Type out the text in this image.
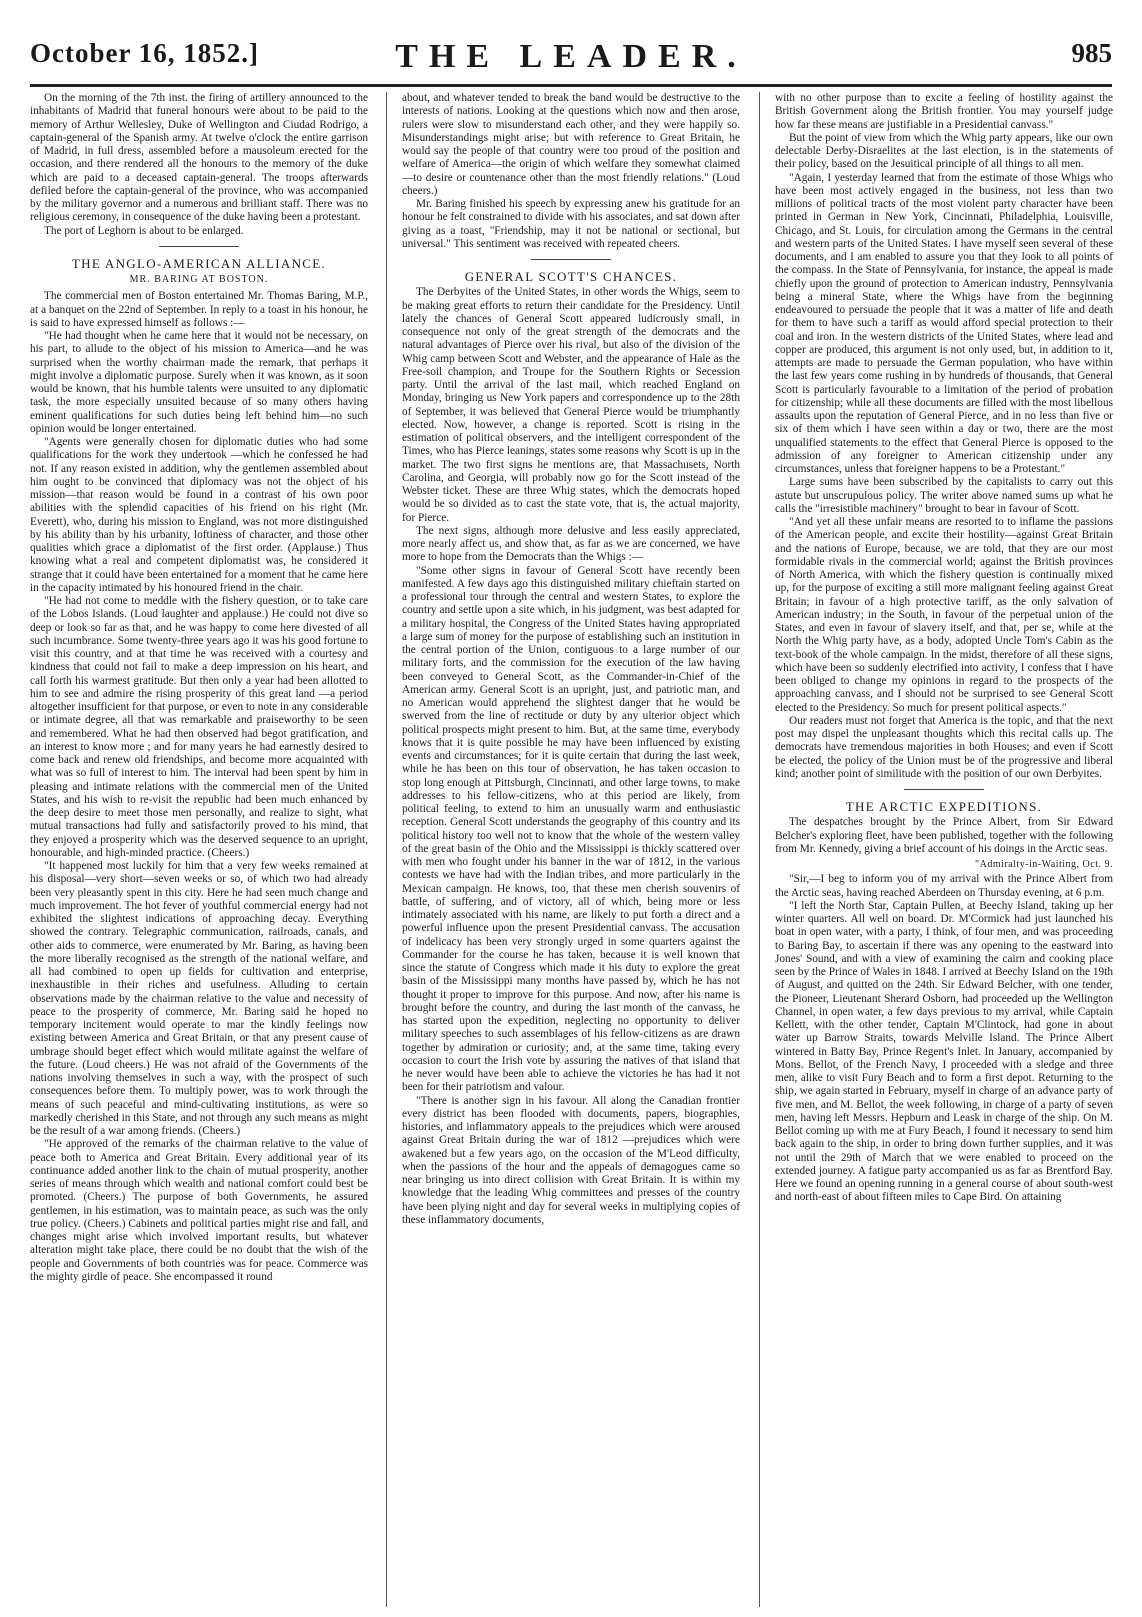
October 16, 1852.]	THE LEADER.	985

On the morning of the 7th inst. the firing of artillery announced to the inhabitants of Madrid that funeral honours were about to be paid to the memory of Arthur Wellesley, Duke of Wellington and Ciudad Rodrigo, a captain-general of the Spanish army. At twelve o'clock the entire garrison of Madrid, in full dress, assembled before a mausoleum erected for the occasion, and there rendered all the honours to the memory of the duke which are paid to a deceased captain-general. The troops afterwards defiled before the captain-general of the province, who was accompanied by the military governor and a numerous and brilliant staff. There was no religious ceremony, in consequence of the duke having been a protestant.

The port of Leghorn is about to be enlarged.

THE ANGLO-AMERICAN ALLIANCE.
MR. BARING AT BOSTON.

The commercial men of Boston entertained Mr. Thomas Baring, M.P., at a banquet on the 22nd of September. In reply to a toast in his honour, he is said to have expressed himself as follows :—

"He had thought when he came here that it would not be necessary, on his part, to allude to the object of his mission to America—and he was surprised when the worthy chairman made the remark, that perhaps it might involve a diplomatic purpose. Surely when it was known, as it soon would be known, that his humble talents were unsuited to any diplomatic task, the more especially unsuited because of so many others having eminent qualifications for such duties being left behind him—no such opinion would be longer entertained.

"Agents were generally chosen for diplomatic duties who had some qualifications for the work they undertook —which he confessed he had not. If any reason existed in addition, why the gentlemen assembled about him ought to be convinced that diplomacy was not the object of his mission—that reason would be found in a contrast of his own poor abilities with the splendid capacities of his friend on his right (Mr. Everett), who, during his mission to England, was not more distinguished by his ability than by his urbanity, loftiness of character, and those other qualities which grace a diplomatist of the first order. (Applause.) Thus knowing what a real and competent diplomatist was, he considered it strange that it could have been entertained for a moment that he came here in the capacity intimated by his honoured friend in the chair.

"He had not come to meddle with the fishery question, or to take care of the Lobos Islands. (Loud laughter and applause.) He could not dive so deep or look so far as that, and he was happy to come here divested of all such incumbrance. Some twenty-three years ago it was his good fortune to visit this country, and at that time he was received with a courtesy and kindness that could not fail to make a deep impression on his heart, and call forth his warmest gratitude. But then only a year had been allotted to him to see and admire the rising prosperity of this great land —a period altogether insufficient for that purpose, or even to note in any considerable or intimate degree, all that was remarkable and praiseworthy to be seen and remembered. What he had then observed had begot gratification, and an interest to know more ; and for many years he had earnestly desired to come back and renew old friendships, and become more acquainted with what was so full of interest to him. The interval had been spent by him in pleasing and intimate relations with the commercial men of the United States, and his wish to re-visit the republic had been much enhanced by the deep desire to meet those men personally, and realize to sight, what mutual transactions had fully and satisfactorily proved to his mind, that they enjoyed a prosperity which was the deserved sequence to an upright, honourable, and high-minded practice. (Cheers.)

"It happened most luckily for him that a very few weeks remained at his disposal—very short—seven weeks or so, of which two had already been very pleasantly spent in this city. Here he had seen much change and much improvement. The hot fever of youthful commercial energy had not exhibited the slightest indications of approaching decay. Everything showed the contrary. Telegraphic communication, railroads, canals, and other aids to commerce, were enumerated by Mr. Baring, as having been the more liberally recognised as the strength of the national welfare, and all had combined to open up fields for cultivation and enterprise, inexhaustible in their riches and usefulness. Alluding to certain observations made by the chairman relative to the value and necessity of peace to the prosperity of commerce, Mr. Baring said he hoped no temporary incitement would operate to mar the kindly feelings now existing between America and Great Britain, or that any present cause of umbrage should beget effect which would militate against the welfare of the future. (Loud cheers.) He was not afraid of the Governments of the nations involving themselves in such a way, with the prospect of such consequences before them. To multiply power, was to work through the means of such peaceful and mind-cultivating institutions, as were so markedly cherished in this State, and not through any such means as might be the result of a war among friends. (Cheers.)

"He approved of the remarks of the chairman relative to the value of peace both to America and Great Britain. Every additional year of its continuance added another link to the chain of mutual prosperity, another series of means through which wealth and national comfort could best be promoted. (Cheers.) The purpose of both Governments, he assured gentlemen, in his estimation, was to maintain peace, as such was the only true policy. (Cheers.) Cabinets and political parties might rise and fall, and changes might arise which involved important results, but whatever alteration might take place, there could be no doubt that the wish of the people and Governments of both countries was for peace. Commerce was the mighty girdle of peace. She encompassed it round

about, and whatever tended to break the band would be destructive to the interests of nations. Looking at the questions which now and then arose, rulers were slow to misunderstand each other, and they were happily so. Misunderstandings might arise; but with reference to Great Britain, he would say the people of that country were too proud of the position and welfare of America—the origin of which welfare they somewhat claimed—to desire or countenance other than the most friendly relations." (Loud cheers.)

Mr. Baring finished his speech by expressing anew his gratitude for an honour he felt constrained to divide with his associates, and sat down after giving as a toast, "Friendship, may it not be national or sectional, but universal." This sentiment was received with repeated cheers.

GENERAL SCOTT'S CHANCES.

The Derbyites of the United States, in other words the Whigs, seem to be making great efforts to return their candidate for the Presidency. Until lately the chances of General Scott appeared ludicrously small, in consequence not only of the great strength of the democrats and the natural advantages of Pierce over his rival, but also of the division of the Whig camp between Scott and Webster, and the appearance of Hale as the Free-soil champion, and Troupe for the Southern Rights or Secession party. Until the arrival of the last mail, which reached England on Monday, bringing us New York papers and correspondence up to the 28th of September, it was believed that General Pierce would be triumphantly elected. Now, however, a change is reported. Scott is rising in the estimation of political observers, and the intelligent correspondent of the Times, who has Pierce leanings, states some reasons why Scott is up in the market. The two first signs he mentions are, that Massachusets, North Carolina, and Georgia, will probably now go for the Scott instead of the Webster ticket. These are three Whig states, which the democrats hoped would be so divided as to cast the state vote, that is, the actual majority, for Pierce.

The next signs, although more delusive and less easily appreciated, more nearly affect us, and show that, as far as we are concerned, we have more to hope from the Democrats than the Whigs :—

"Some other signs in favour of General Scott have recently been manifested. A few days ago this distinguished military chieftain started on a professional tour through the central and western States, to explore the country and settle upon a site which, in his judgment, was best adapted for a military hospital, the Congress of the United States having appropriated a large sum of money for the purpose of establishing such an institution in the central portion of the Union, contiguous to a large number of our military forts, and the commission for the execution of the law having been conveyed to General Scott, as the Commander-in-Chief of the American army. General Scott is an upright, just, and patriotic man, and no American would apprehend the slightest danger that he would be swerved from the line of rectitude or duty by any ulterior object which political prospects might present to him. But, at the same time, everybody knows that it is quite possible he may have been influenced by existing events and circumstances; for it is quite certain that during the last week, while he has been on this tour of observation, he has taken occasion to stop long enough at Pittsburgh, Cincinnati, and other large towns, to make addresses to his fellow-citizens, who at this period are likely, from political feeling, to extend to him an unusually warm and enthusiastic reception. General Scott understands the geography of this country and its political history too well not to know that the whole of the western valley of the great basin of the Ohio and the Mississippi is thickly scattered over with men who fought under his banner in the war of 1812, in the various contests we have had with the Indian tribes, and more particularly in the Mexican campaign. He knows, too, that these men cherish souvenirs of battle, of suffering, and of victory, all of which, being more or less intimately associated with his name, are likely to put forth a direct and a powerful influence upon the present Presidential canvass. The accusation of indelicacy has been very strongly urged in some quarters against the Commander for the course he has taken, because it is well known that since the statute of Congress which made it his duty to explore the great basin of the Mississippi many months have passed by, which he has not thought it proper to improve for this purpose. And now, after his name is brought before the country, and during the last month of the canvass, he has started upon the expedition, neglecting no opportunity to deliver military speeches to such assemblages of his fellow-citizens as are drawn together by admiration or curiosity; and, at the same time, taking every occasion to court the Irish vote by assuring the natives of that island that he never would have been able to achieve the victories he has had it not been for their patriotism and valour.

"There is another sign in his favour. All along the Canadian frontier every district has been flooded with documents, papers, biographies, histories, and inflammatory appeals to the prejudices which were aroused against Great Britain during the war of 1812 —prejudices which were awakened but a few years ago, on the occasion of the M'Leod difficulty, when the passions of the hour and the appeals of demagogues came so near bringing us into direct collision with Great Britain. It is within my knowledge that the leading Whig committees and presses of the country have been plying night and day for several weeks in multiplying copies of these inflammatory documents,

with no other purpose than to excite a feeling of hostility against the British Government along the British frontier. You may yourself judge how far these means are justifiable in a Presidential canvass."

But the point of view from which the Whig party appears, like our own delectable Derby-Disraelites at the last election, is in the statements of their policy, based on the Jesuitical principle of all things to all men.

"Again, I yesterday learned that from the estimate of those Whigs who have been most actively engaged in the business, not less than two millions of political tracts of the most violent party character have been printed in German in New York, Cincinnati, Philadelphia, Louisville, Chicago, and St. Louis, for circulation among the Germans in the central and western parts of the United States. I have myself seen several of these documents, and I am enabled to assure you that they look to all points of the compass. In the State of Pennsylvania, for instance, the appeal is made chiefly upon the ground of protection to American industry, Pennsylvania being a mineral State, where the Whigs have from the beginning endeavoured to persuade the people that it was a matter of life and death for them to have such a tariff as would afford special protection to their coal and iron. In the western districts of the United States, where lead and copper are produced, this argument is not only used, but, in addition to it, attempts are made to persuade the German population, who have within the last few years come rushing in by hundreds of thousands, that General Scott is particularly favourable to a limitation of the period of probation for citizenship; while all these documents are filled with the most libellous assaults upon the reputation of General Pierce, and in no less than five or six of them which I have seen within a day or two, there are the most unqualified statements to the effect that General Pierce is opposed to the admission of any foreigner to American citizenship under any circumstances, unless that foreigner happens to be a Protestant."

Large sums have been subscribed by the capitalists to carry out this astute but unscrupulous policy. The writer above named sums up what he calls the "irresistible machinery" brought to bear in favour of Scott.

"And yet all these unfair means are resorted to to inflame the passions of the American people, and excite their hostility—against Great Britain and the nations of Europe, because, we are told, that they are our most formidable rivals in the commercial world; against the British provinces of North America, with which the fishery question is continually mixed up, for the purpose of exciting a still more malignant feeling against Great Britain; in favour of a high protective tariff, as the only salvation of American industry; in the South, in favour of the perpetual union of the States, and even in favour of slavery itself, and that, per se, while at the North the Whig party have, as a body, adopted Uncle Tom's Cabin as the text-book of the whole campaign. In the midst, therefore of all these signs, which have been so suddenly electrified into activity, I confess that I have been obliged to change my opinions in regard to the prospects of the approaching canvass, and I should not be surprised to see General Scott elected to the Presidency. So much for present political aspects."

Our readers must not forget that America is the topic, and that the next post may dispel the unpleasant thoughts which this recital calls up. The democrats have tremendous majorities in both Houses; and even if Scott be elected, the policy of the Union must be of the progressive and liberal kind; another point of similitude with the position of our own Derbyites.

THE ARCTIC EXPEDITIONS.

The despatches brought by the Prince Albert, from Sir Edward Belcher's exploring fleet, have been published, together with the following from Mr. Kennedy, giving a brief account of his doings in the Arctic seas.

"Admiralty-in-Waiting, Oct. 9.

"Sir,—I beg to inform you of my arrival with the Prince Albert from the Arctic seas, having reached Aberdeen on Thursday evening, at 6 p.m.

"I left the North Star, Captain Pullen, at Beechy Island, taking up her winter quarters. All well on board. Dr. M'Cormick had just launched his boat in open water, with a party, I think, of four men, and was proceeding to Baring Bay, to ascertain if there was any opening to the eastward into Jones' Sound, and with a view of examining the cairn and cooking place seen by the Prince of Wales in 1848. I arrived at Beechy Island on the 19th of August, and quitted on the 24th. Sir Edward Belcher, with one tender, the Pioneer, Lieutenant Sherard Osborn, had proceeded up the Wellington Channel, in open water, a few days previous to my arrival, while Captain Kellett, with the other tender, Captain M'Clintock, had gone in about water up Barrow Straits, towards Melville Island. The Prince Albert wintered in Batty Bay, Prince Regent's Inlet. In January, accompanied by Mons. Bellot, of the French Navy, I proceeded with a sledge and three men, alike to visit Fury Beach and to form a first depot. Returning to the ship, we again started in February, myself in charge of an advance party of five men, and M. Bellot, the week following, in charge of a party of seven men, having left Messrs. Hepburn and Leask in charge of the ship. On M. Bellot coming up with me at Fury Beach, I found it necessary to send him back again to the ship, in order to bring down further supplies, and it was not until the 29th of March that we were enabled to proceed on the extended journey. A fatigue party accompanied us as far as Brentford Bay. Here we found an opening running in a general course of about south-west and north-east of about fifteen miles to Cape Bird. On attaining
